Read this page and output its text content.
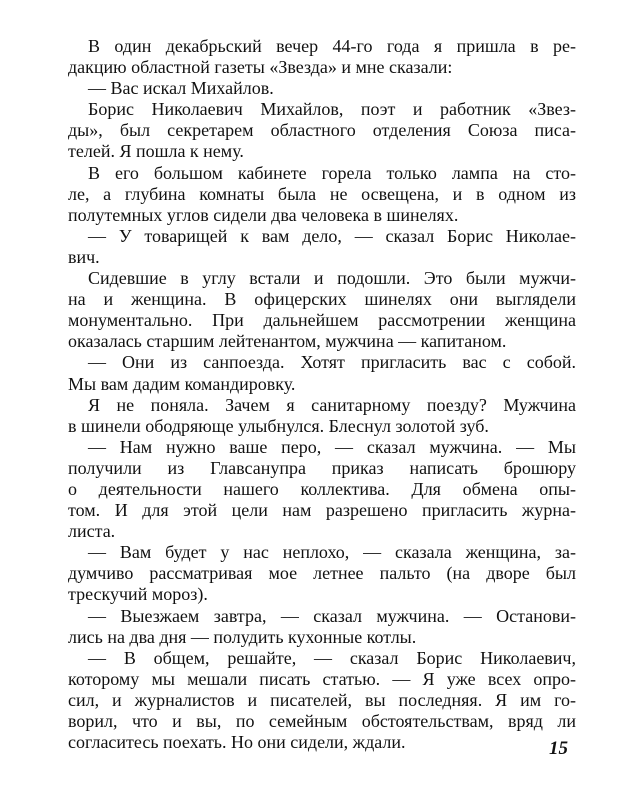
В один декабрьский вечер 44-го года я пришла в ре-
дакцию областной газеты «Звезда» и мне сказали:
— Вас искал Михайлов.
Борис Николаевич Михайлов, поэт и работник «Звез-
ды», был секретарем областного отделения Союза писа-
телей. Я пошла к нему.
В его большом кабинете горела только лампа на сто-
ле, а глубина комнаты была не освещена, и в одном из
полутемных углов сидели два человека в шинелях.
— У товарищей к вам дело, — сказал Борис Николае-
вич.
Сидевшие в углу встали и подошли. Это были мужчи-
на и женщина. В офицерских шинелях они выглядели
монументально. При дальнейшем рассмотрении женщина
оказалась старшим лейтенантом, мужчина — капитаном.
— Они из санпоезда. Хотят пригласить вас с собой.
Мы вам дадим командировку.
Я не поняла. Зачем я санитарному поезду? Мужчина
в шинели ободряюще улыбнулся. Блеснул золотой зуб.
— Нам нужно ваше перо, — сказал мужчина. — Мы
получили из Главсанупра приказ написать брошюру
о деятельности нашего коллектива. Для обмена опы-
том. И для этой цели нам разрешено пригласить журна-
листа.
— Вам будет у нас неплохо, — сказала женщина, за-
думчиво рассматривая мое летнее пальто (на дворе был
трескучий мороз).
— Выезжаем завтра, — сказал мужчина. — Останови-
лись на два дня — полудить кухонные котлы.
— В общем, решайте, — сказал Борис Николаевич,
которому мы мешали писать статью. — Я уже всех опро-
сил, и журналистов и писателей, вы последняя. Я им го-
ворил, что и вы, по семейным обстоятельствам, вряд ли
согласитесь поехать. Но они сидели, ждали.	15
